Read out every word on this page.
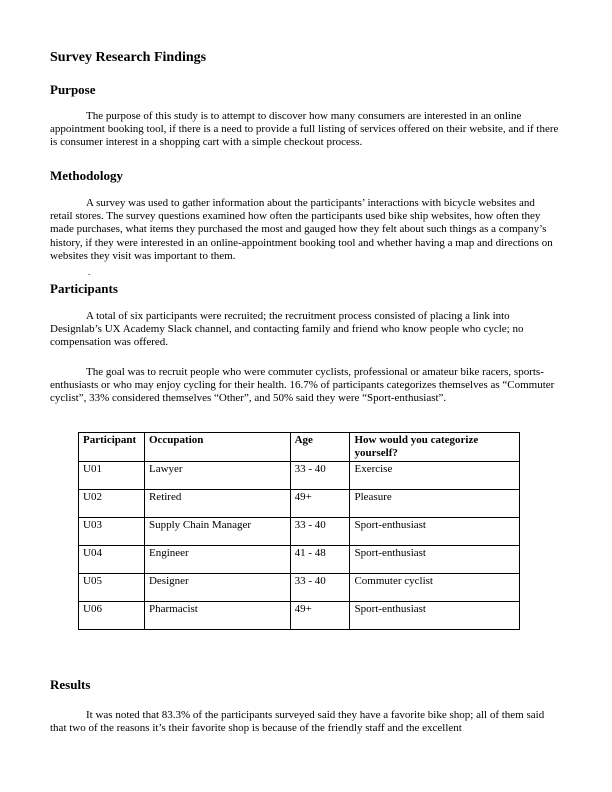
Survey Research Findings
Purpose

The purpose of this study is to attempt to discover how many consumers are interested in an online appointment booking tool, if there is a need to provide a full listing of services offered on their website, and if there is consumer interest in a shopping cart with a simple checkout process.

Methodology

A survey was used to gather information about the participants’ interactions with bicycle websites and retail stores. The survey questions examined how often the participants used bike ship websites, how often they made purchases, what items they purchased the most and gauged how they felt about such things as a company’s history, if they were interested in an online-appointment booking tool and whether having a map and directions on websites they visit was important to them.

.
Participants

A total of six participants were recruited; the recruitment process consisted of placing a link into Designlab’s UX Academy Slack channel, and contacting family and friend who know people who cycle; no compensation was offered.

The goal was to recruit people who were commuter cyclists, professional or amateur bike racers, sports-enthusiasts or who may enjoy cycling for their health. 16.7% of participants categorizes themselves as “Commuter cyclist”, 33% considered themselves “Other”, and 50% said they were “Sport-enthusiast”.

Participant	Occupation	Age	How would you categorize yourself?
U01	Lawyer	33 - 40	Exercise
U02	Retired	49+	Pleasure
U03	Supply Chain Manager	33 - 40	Sport-enthusiast
U04	Engineer	41 - 48	Sport-enthusiast
U05	Designer	33 - 40	Commuter cyclist
U06	Pharmacist	49+	Sport-enthusiast
Results

It was noted that 83.3% of the participants surveyed said they have a favorite bike shop; all of them said that two of the reasons it’s their favorite shop is because of the friendly staff and the excellent
